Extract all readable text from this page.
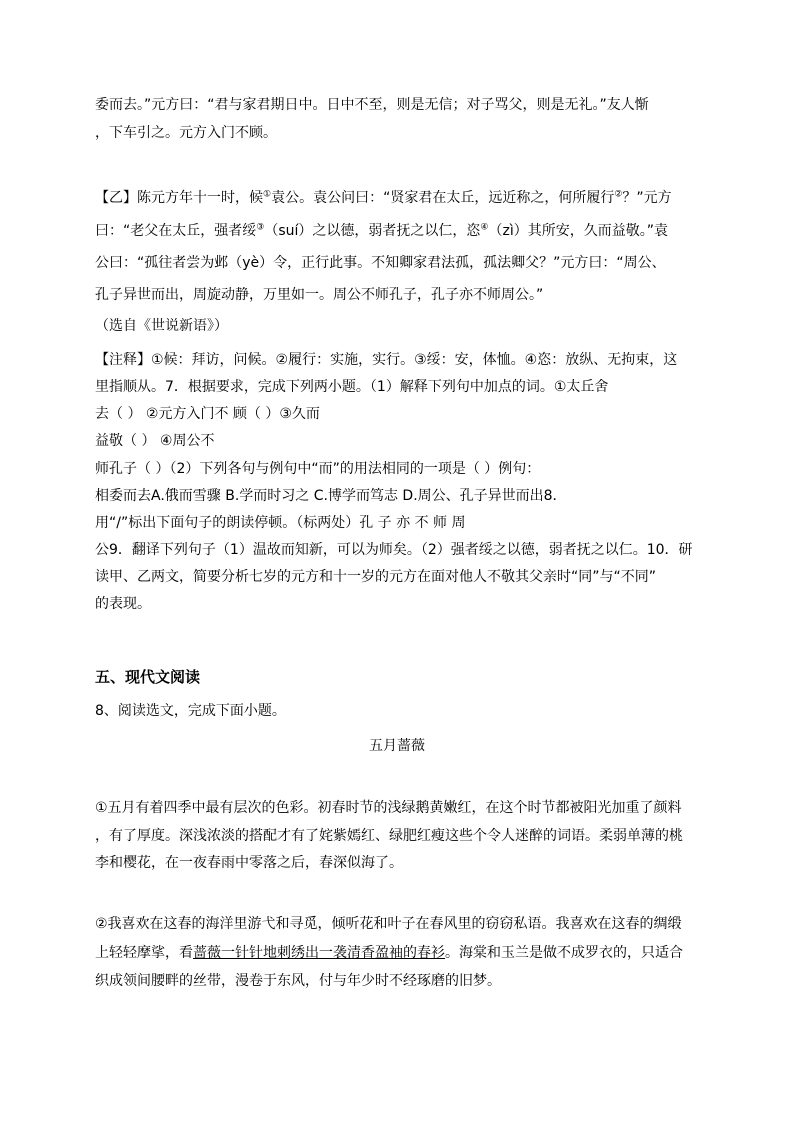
委而去。”元方曰：“君与家君期日中。日中不至，则是无信；对子骂父，则是无礼。”友人惭
，下车引之。元方入门不顾。
【乙】陈元方年十一时，候①袁公。袁公问曰：“贤家君在太丘，远近称之，何所履行②？”元方
曰：“老父在太丘，强者绥③（suí）之以德，弱者抚之以仁，恣④（zì）其所安，久而益敬。”袁
公曰：“孤往者尝为邺（yè）令，正行此事。不知卿家君法孤，孤法卿父？”元方曰：“周公、
孔子异世而出，周旋动静，万里如一。周公不师孔子，孔子亦不师周公。”
（选自《世说新语》）
【注释】①候：拜访，问候。②履行：实施，实行。③绥：安，体恤。④恣：放纵、无拘束，这
里指顺从。7．根据要求，完成下列两小题。（1）解释下列句中加点的词。①太丘舍
去（ ） ②元方入门不 顾（ ）③久而
益敬（ ） ④周公不
师孔子（ ）（2）下列各句与例句中“而”的用法相同的一项是（ ）例句：
相委而去A.俄而雪骤 B.学而时习之 C.博学而笃志 D.周公、孔子异世而出8．
用“/”标出下面句子的朗读停顿。（标两处）孔 子 亦 不 师 周
公9．翻译下列句子（1）温故而知新，可以为师矣。（2）强者绥之以德，弱者抚之以仁。10．研
读甲、乙两文，简要分析七岁的元方和十一岁的元方在面对他人不敬其父亲时“同”与“不同”
的表现。
五、现代文阅读
8、阅读选文，完成下面小题。
五月蔷薇
①五月有着四季中最有层次的色彩。初春时节的浅绿鹅黄嫩红，在这个时节都被阳光加重了颜料
，有了厚度。深浅浓淡的搭配才有了姹紫嫣红、绿肥红瘦这些个令人迷醉的词语。柔弱单薄的桃
李和樱花，在一夜春雨中零落之后，春深似海了。
②我喜欢在这春的海洋里游弋和寻觅，倾听花和叶子在春风里的窃窃私语。我喜欢在这春的绸缎
上轻轻摩挲，看蔷薇一针针地刺绣出一袭清香盈袖的春衫。海棠和玉兰是做不成罗衣的，只适合
织成领间腰畔的丝带，漫卷于东风，付与年少时不经琢磨的旧梦。
